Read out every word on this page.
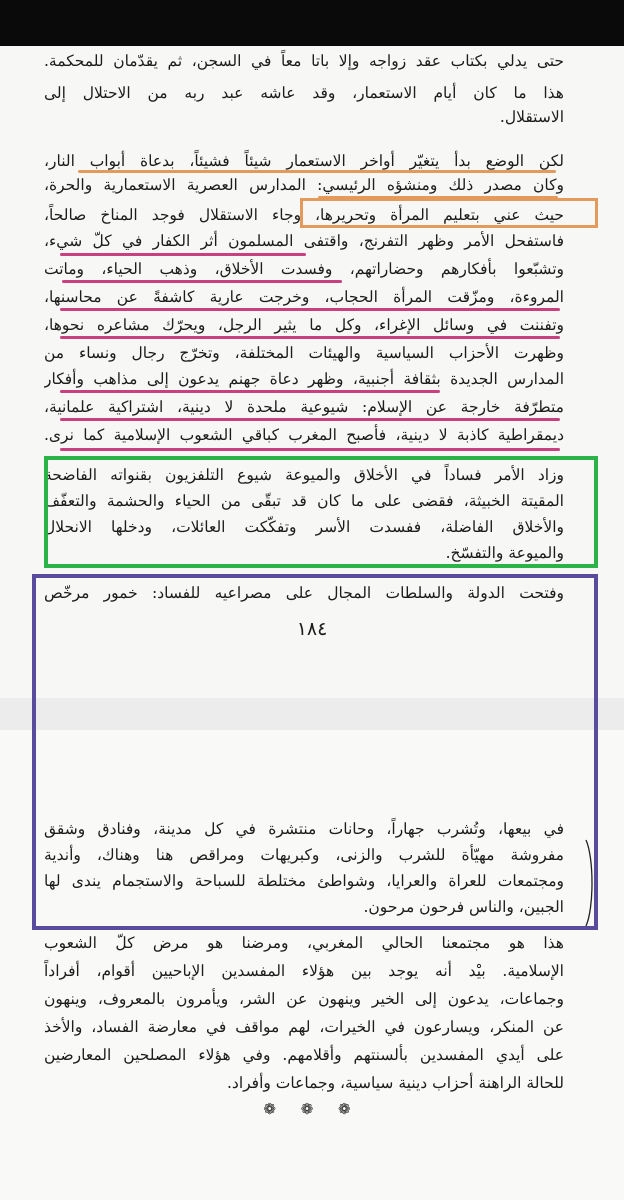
حتى يدلي بكتاب عقد زواجه وإلا باتا معاً في السجن، ثم يقدّمان للمحكمة.
هذا ما كان أيام الاستعمار، وقد عاشه عبد ربه من الاحتلال إلى
الاستقلال.
لكن الوضع بدأ يتغيّر أواخر الاستعمار شيئاً فشيئاً، بدعاة أبواب النار،
وكان مصدر ذلك ومنشؤه الرئيسي: المدارس العصرية الاستعمارية والحرة،
حيث عني بتعليم المرأة وتحريرها، وجاء الاستقلال فوجد المناخ صالحاً،
فاستفحل الأمر وظهر التفرنج، واقتفى المسلمون أثر الكفار في كلّ شيء،
وتشبّعوا بأفكارهم وحضاراتهم، وفسدت الأخلاق، وذهب الحياء، وماتت
المروءة، ومزّقت المرأة الحجاب، وخرجت عارية كاشفةً عن محاسنها،
وتفننت في وسائل الإغراء، وكل ما يثير الرجل، ويحرّك مشاعره نحوها،
وظهرت الأحزاب السياسية والهيئات المختلفة، وتخرّج رجال ونساء من
المدارس الجديدة بثقافة أجنبية، وظهر دعاة جهنم يدعون إلى مذاهب وأفكار
متطرّفة خارجة عن الإسلام: شيوعية ملحدة لا دينية، اشتراكية علمانية،
ديمقراطية كاذبة لا دينية، فأصبح المغرب كباقي الشعوب الإسلامية كما نرى.
وزاد الأمر فساداً في الأخلاق والميوعة شيوع التلفزيون بقنواته الفاضحة
المقيتة الخبيثة، فقضى على ما كان قد تبقّى من الحياء والحشمة والتعفّف
والأخلاق الفاضلة، ففسدت الأسر وتفكّكت العائلات، ودخلها الانحلال
والميوعة والتفسّخ.
وفتحت الدولة والسلطات المجال على مصراعيه للفساد: خمور مرخّص
١٨٤
في بيعها، وتُشرب جهاراً، وحانات منتشرة في كل مدينة، وفنادق وشقق
مفروشة مهيّأة للشرب والزنى، وكبريهات ومراقص هنا وهناك، وأندية
ومجتمعات للعراة والعرايا، وشواطئ مختلطة للسباحة والاستجمام يندى لها
الجبين، والناس فرحون مرحون.
هذا هو مجتمعنا الحالي المغربي، ومرضنا هو مرض كلّ الشعوب
الإسلامية. بيْد أنه يوجد بين هؤلاء المفسدين الإباحيين أقوام، أفراداً
وجماعات، يدعون إلى الخير وينهون عن الشر، ويأمرون بالمعروف، وينهون
عن المنكر، ويسارعون في الخيرات، لهم مواقف في معارضة الفساد، والأخذ
على أيدي المفسدين بألسنتهم وأقلامهم. وفي هؤلاء المصلحين المعارضين
للحالة الراهنة أحزاب دينية سياسية، وجماعات وأفراد.
❁ ❁ ❁
